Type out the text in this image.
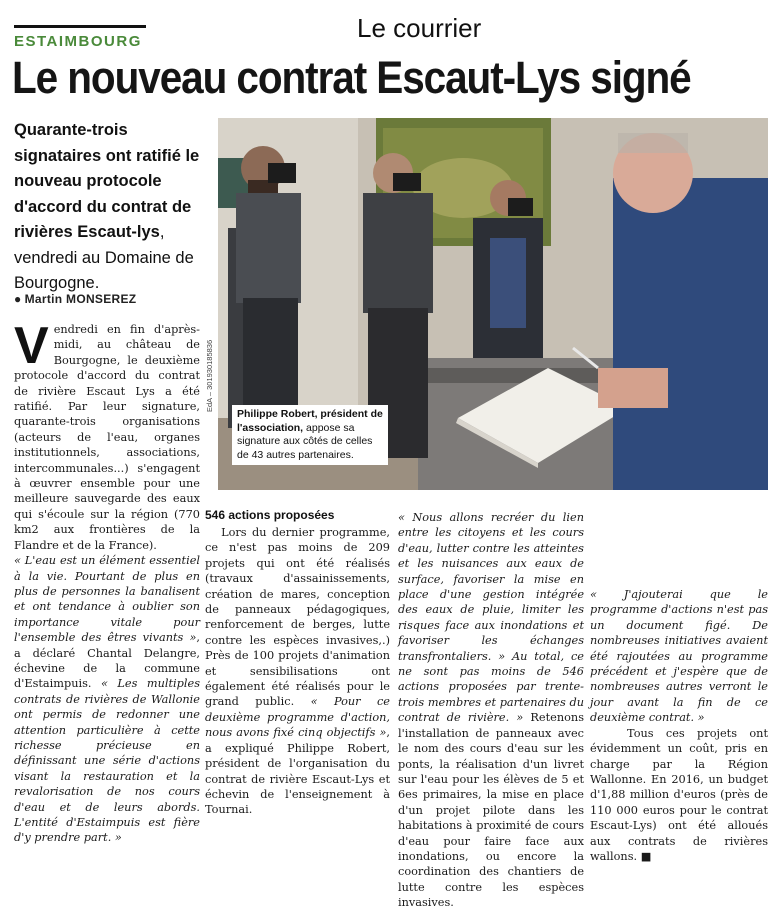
ESTAIMBOURG	Le courrier
Le nouveau contrat Escaut-Lys signé
Quarante-trois signataires ont ratifié le nouveau protocole d'accord du contrat de rivières Escaut-lys, vendredi au Domaine de Bourgogne.
● Martin MONSEREZ
EdA – 301930185836
Philippe Robert, président de l'association, appose sa signature aux côtés de celles de 43 autres partenaires.

Vendredi en fin d'après-midi, au château de Bourgogne, le deuxième protocole d'accord du contrat de rivière Escaut Lys a été ratifié. Par leur signature, quarante-trois organisations (acteurs de l'eau, organes institutionnels, associations, intercommunales...) s'engagent à œuvrer ensemble pour une meilleure sauvegarde des eaux qui s'écoule sur la région (770 km2 aux frontières de la Flandre et de la France).

« L'eau est un élément essentiel à la vie. Pourtant de plus en plus de personnes la banalisent et ont tendance à oublier son importance vitale pour l'ensemble des êtres vivants », a déclaré Chantal Delangre, échevine de la commune d'Estaimpuis. « Les multiples contrats de rivières de Wallonie ont permis de redonner une attention particulière à cette richesse précieuse en définissant une série d'actions visant la restauration et la revalorisation de nos cours d'eau et de leurs abords. L'entité d'Estaimpuis est fière d'y prendre part. »

546 actions proposées

Lors du dernier programme, ce n'est pas moins de 209 projets qui ont été réalisés (travaux d'assainissements, création de mares, conception de panneaux pédagogiques, renforcement de berges, lutte contre les espèces invasives,.) Près de 100 projets d'animation et sensibilisations ont également été réalisés pour le grand public. « Pour ce deuxième programme d'action, nous avons fixé cinq objectifs », a expliqué Philippe Robert, président de l'organisation du contrat de rivière Escaut-Lys et échevin de l'enseignement à Tournai.

« Nous allons recréer du lien entre les citoyens et les cours d'eau, lutter contre les atteintes et les nuisances aux eaux de surface, favoriser la mise en place d'une gestion intégrée des eaux de pluie, limiter les risques face aux inondations et favoriser les échanges transfrontaliers. » Au total, ce ne sont pas moins de 546 actions proposées par trente-trois membres et partenaires du contrat de rivière. » Retenons l'installation de panneaux avec le nom des cours d'eau sur les ponts, la réalisation d'un livret sur l'eau pour les élèves de 5 et 6es primaires, la mise en place d'un projet pilote dans les habitations à proximité de cours d'eau pour faire face aux inondations, ou encore la coordination des chantiers de lutte contre les espèces invasives.

« J'ajouterai que le programme d'actions n'est pas un document figé. De nombreuses initiatives avaient été rajoutées au programme précédent et j'espère que de nombreuses autres verront le jour avant la fin de ce deuxième contrat. »

Tous ces projets ont évidemment un coût, pris en charge par la Région Wallonne. En 2016, un budget d'1,88 million d'euros (près de 110 000 euros pour le contrat Escaut-Lys) ont été alloués aux contrats de rivières wallons. ■
